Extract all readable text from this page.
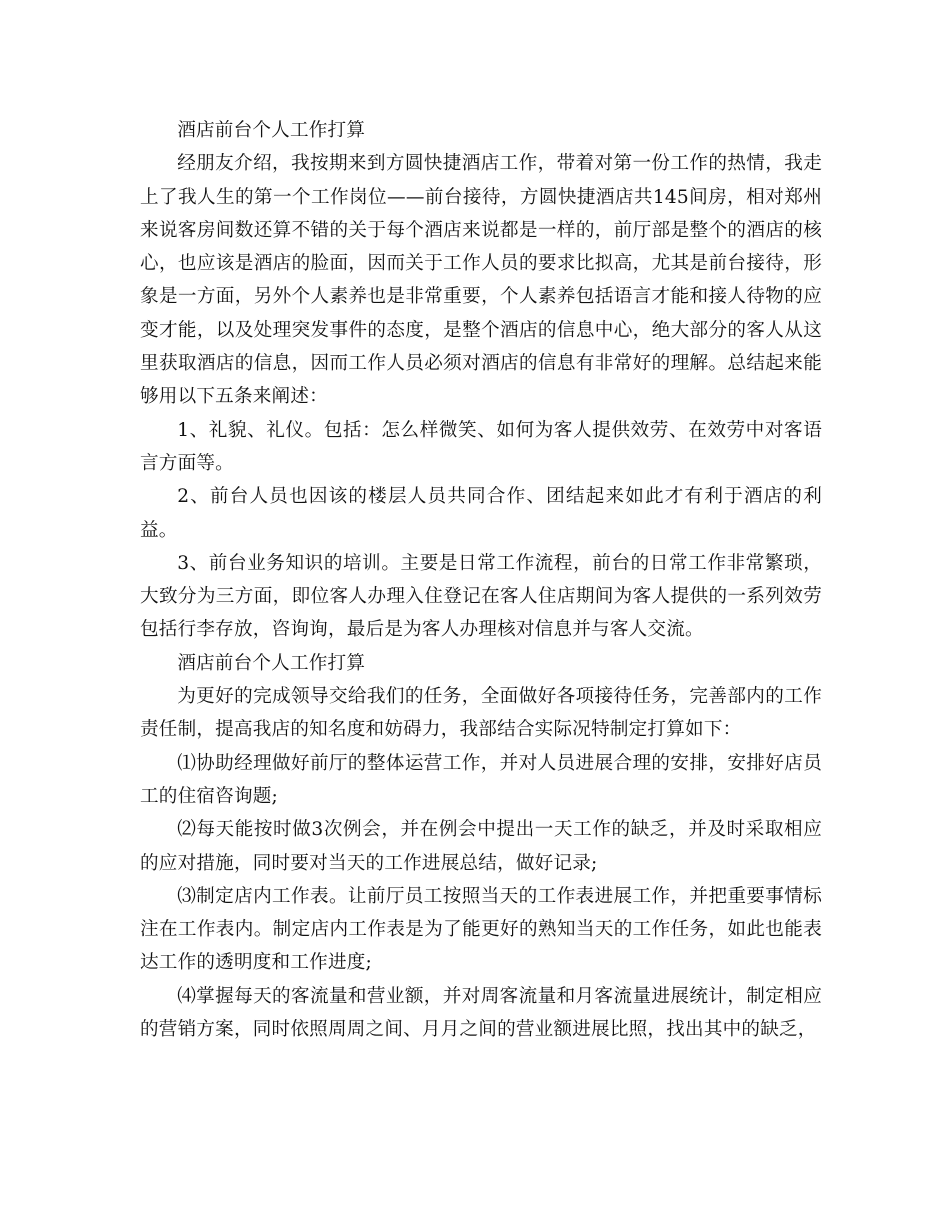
酒店前台个人工作打算

经朋友介绍，我按期来到方圆快捷酒店工作，带着对第一份工作的热情，我走上了我人生的第一个工作岗位——前台接待，方圆快捷酒店共145间房，相对郑州来说客房间数还算不错的关于每个酒店来说都是一样的，前厅部是整个的酒店的核心，也应该是酒店的脸面，因而关于工作人员的要求比拟高，尤其是前台接待，形象是一方面，另外个人素养也是非常重要，个人素养包括语言才能和接人待物的应变才能，以及处理突发事件的态度，是整个酒店的信息中心，绝大部分的客人从这里获取酒店的信息，因而工作人员必须对酒店的信息有非常好的理解。总结起来能够用以下五条来阐述：

1、礼貌、礼仪。包括：怎么样微笑、如何为客人提供效劳、在效劳中对客语言方面等。

2、前台人员也因该的楼层人员共同合作、团结起来如此才有利于酒店的利益。

3、前台业务知识的培训。主要是日常工作流程，前台的日常工作非常繁琐，大致分为三方面，即位客人办理入住登记在客人住店期间为客人提供的一系列效劳包括行李存放，咨询询，最后是为客人办理核对信息并与客人交流。

酒店前台个人工作打算

为更好的完成领导交给我们的任务，全面做好各项接待任务，完善部内的工作责任制，提高我店的知名度和妨碍力，我部结合实际况特制定打算如下：

⑴协助经理做好前厅的整体运营工作，并对人员进展合理的安排，安排好店员工的住宿咨询题;

⑵每天能按时做3次例会，并在例会中提出一天工作的缺乏，并及时采取相应的应对措施，同时要对当天的工作进展总结，做好记录;

⑶制定店内工作表。让前厅员工按照当天的工作表进展工作，并把重要事情标注在工作表内。制定店内工作表是为了能更好的熟知当天的工作任务，如此也能表达工作的透明度和工作进度;

⑷掌握每天的客流量和营业额，并对周客流量和月客流量进展统计，制定相应的营销方案，同时依照周周之间、月月之间的营业额进展比照，找出其中的缺乏，
